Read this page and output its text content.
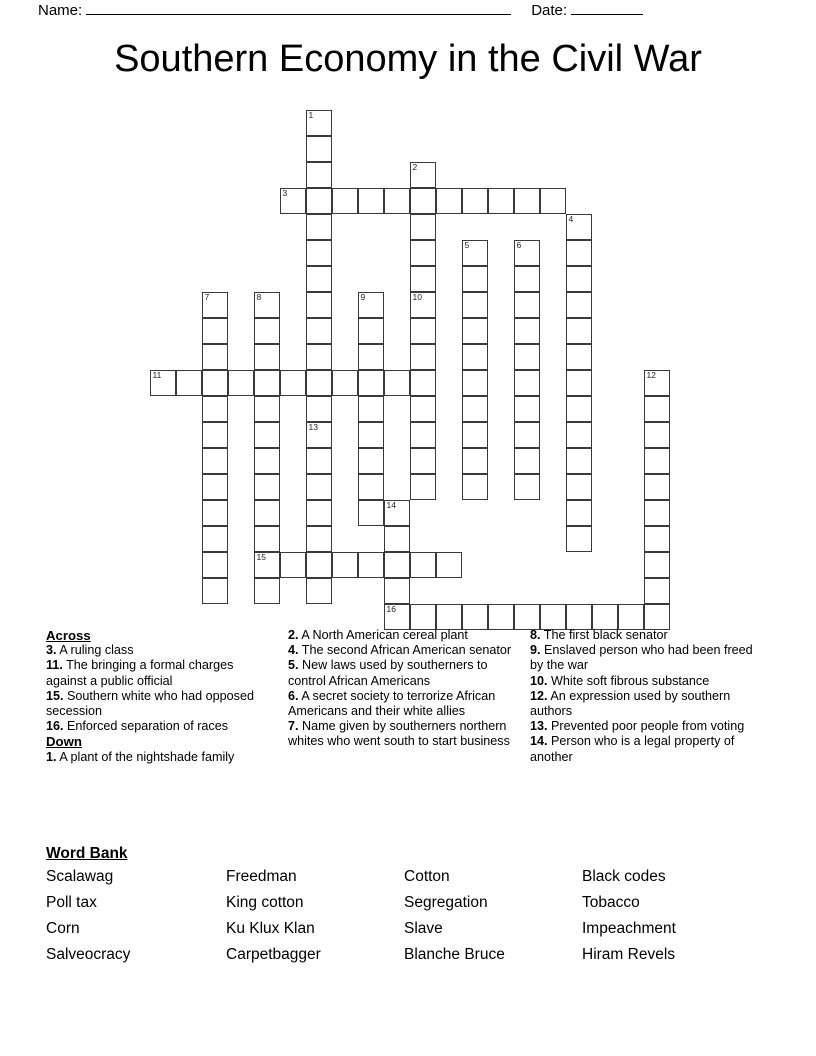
Name:	Date:
Southern Economy in the Civil War
1
13
2
3
4
5	6
7	8
15
9	10
11	12
14
16
Across
3. A ruling class
11. The bringing a formal charges against a public official
15. Southern white who had opposed secession
16. Enforced separation of races
Down
1. A plant of the nightshade family
2. A North American cereal plant
4. The second African American senator
5. New laws used by southerners to control African Americans
6. A secret society to terrorize African Americans and their white allies
7. Name given by southerners northern whites who went south to start business
8. The first black senator
9. Enslaved person who had been freed by the war
10. White soft fibrous substance
12. An expression used by southern authors
13. Prevented poor people from voting
14. Person who is a legal property of another
Word Bank
Scalawag	Freedman	Cotton	Black codes
Poll tax	King cotton	Segregation	Tobacco
Corn	Ku Klux Klan	Slave	Impeachment
Salveocracy	Carpetbagger	Blanche Bruce	Hiram Revels
